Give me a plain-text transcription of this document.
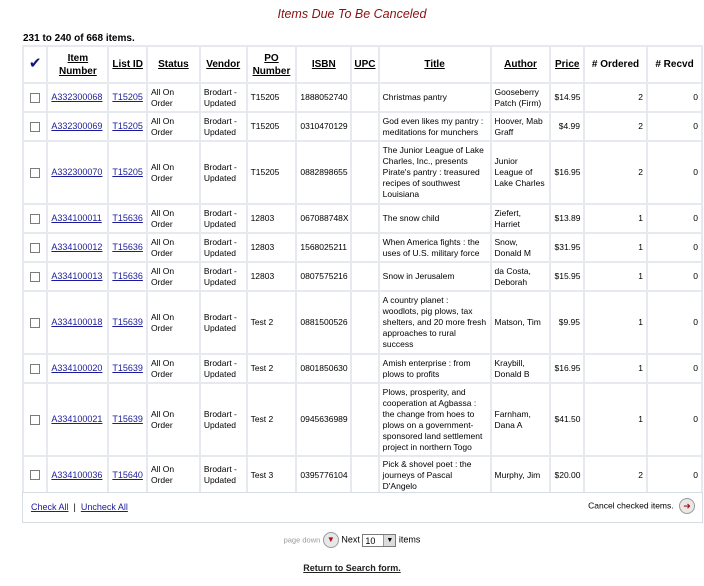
Items Due To Be Canceled
231 to 240 of 668 items.
✔	Item Number	List ID	Status	Vendor	PO Number	ISBN	UPC	Title	Author	Price	# Ordered	# Recvd
	A332300068	T15205	All On Order	Brodart - Updated	T15205	1888052740		Christmas pantry	Gooseberry Patch (Firm)	$14.95	2	0
	A332300069	T15205	All On Order	Brodart - Updated	T15205	0310470129		God even likes my pantry : meditations for munchers	Hoover, Mab Graff	$4.99	2	0
	A332300070	T15205	All On Order	Brodart - Updated	T15205	0882898655		The Junior League of Lake Charles, Inc., presents Pirate's pantry : treasured recipes of southwest Louisiana	Junior League of Lake Charles	$16.95	2	0
	A334100011	T15636	All On Order	Brodart - Updated	12803	067088748X		The snow child	Ziefert, Harriet	$13.89	1	0
	A334100012	T15636	All On Order	Brodart - Updated	12803	1568025211		When America fights : the uses of U.S. military force	Snow, Donald M	$31.95	1	0
	A334100013	T15636	All On Order	Brodart - Updated	12803	0807575216		Snow in Jerusalem	da Costa, Deborah	$15.95	1	0
	A334100018	T15639	All On Order	Brodart - Updated	Test 2	0881500526		A country planet : woodlots, pig plows, tax shelters, and 20 more fresh approaches to rural success	Matson, Tim	$9.95	1	0
	A334100020	T15639	All On Order	Brodart - Updated	Test 2	0801850630		Amish enterprise : from plows to profits	Kraybill, Donald B	$16.95	1	0
	A334100021	T15639	All On Order	Brodart - Updated	Test 2	0945636989		Plows, prosperity, and cooperation at Agbassa : the change from hoes to plows on a government-sponsored land settlement project in northern Togo	Farnham, Dana A	$41.50	1	0
	A334100036	T15640	All On Order	Brodart - Updated	Test 3	0395776104		Pick & shovel poet : the journeys of Pascal D'Angelo	Murphy, Jim	$20.00	2	0
Check All | Uncheck All	Cancel checked items. ➜
page down ▼ Next 10	▼ items
Return to Search form.
